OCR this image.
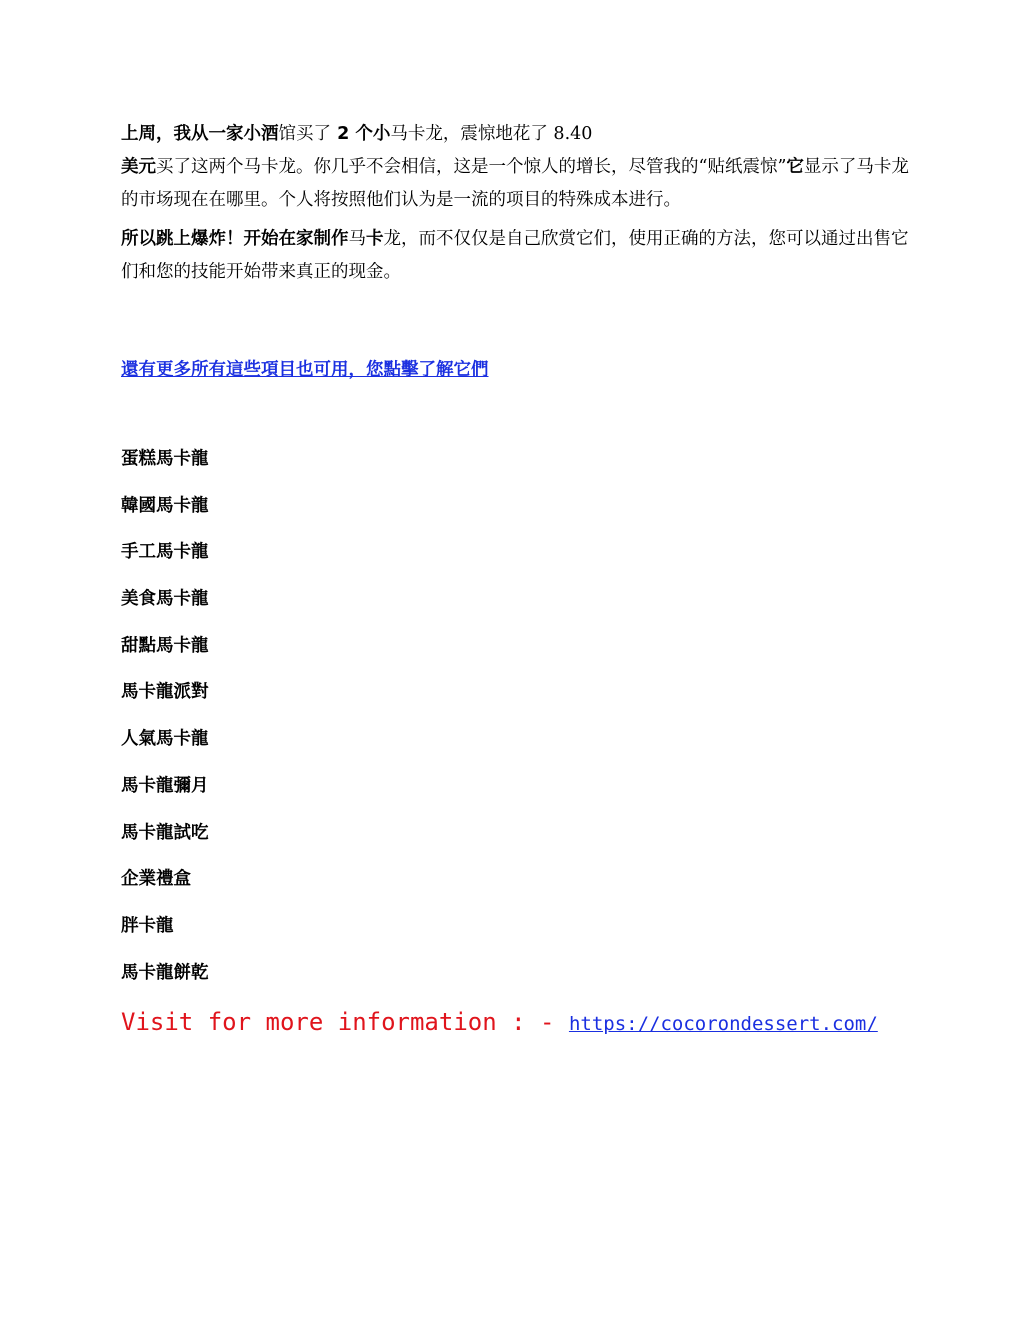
上周，我从一家小酒馆买了 2 个小马卡龙，震惊地花了 8.40
美元买了这两个马卡龙。你几乎不会相信，这是一个惊人的增长，尽管我的“贴纸震惊”它显示了马卡龙的市场现在在哪里。个人将按照他们认为是一流的项目的特殊成本进行。

所以跳上爆炸！开始在家制作马卡龙，而不仅仅是自己欣赏它们，使用正确的方法，您可以通过出售它们和您的技能开始带来真正的现金。

還有更多所有這些項目也可用，您點擊了解它們
蛋糕馬卡龍
韓國馬卡龍
手工馬卡龍
美食馬卡龍
甜點馬卡龍
馬卡龍派對
人氣馬卡龍
馬卡龍彌月
馬卡龍試吃
企業禮盒
胖卡龍
馬卡龍餅乾
Visit for more information : - https://cocorondessert.com/
